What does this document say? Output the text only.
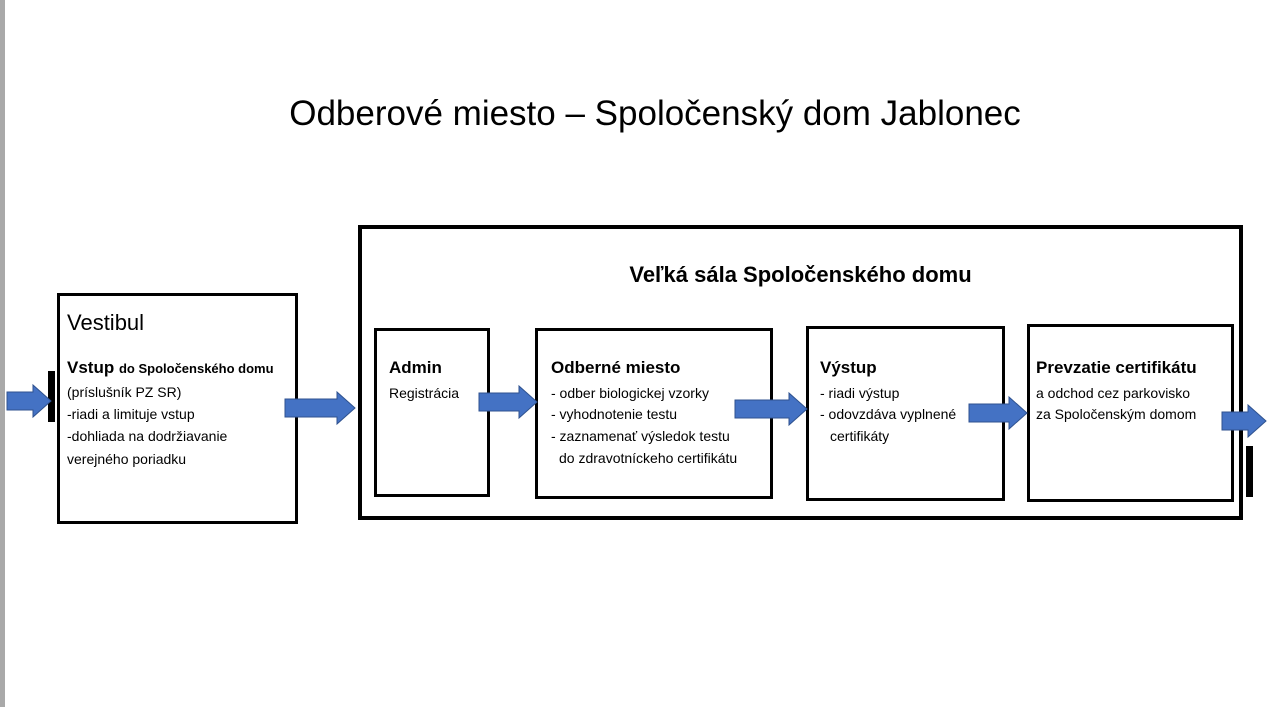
Odberové miesto – Spoločenský dom Jablonec
Vestibul
Vstup do Spoločenského domu
(príslušník PZ SR)
-riadi a limituje vstup
-dohliada na dodržiavanie
verejného poriadku
Veľká sála Spoločenského domu
Admin
Registrácia
Odberné miesto
- odber biologickej vzorky
- vyhodnotenie testu
- zaznamenať výsledok testu
do zdravotníckeho certifikátu
Výstup
- riadi výstup
- odovzdáva vyplnené
certifikáty
Prevzatie certifikátu
a odchod cez parkovisko
za Spoločenským domom
